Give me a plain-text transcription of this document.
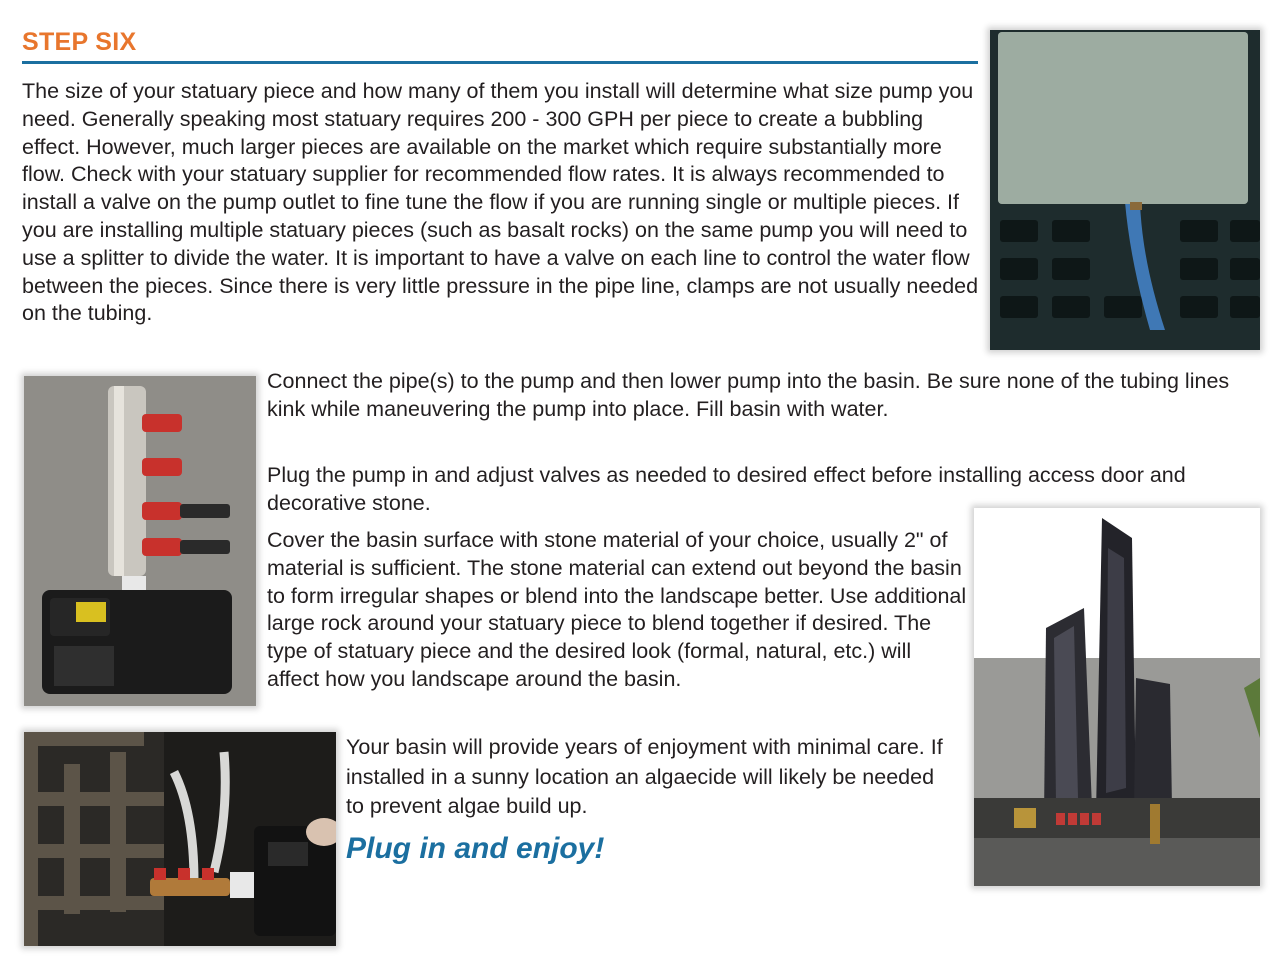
STEP SIX

The size of your statuary piece and how many of them you install will determine what size pump you need. Generally speaking most statuary requires 200 - 300 GPH per piece to create a bubbling effect. However, much larger pieces are available on the market which require substantially more flow. Check with your statuary supplier for recommended flow rates. It is always recommended to install a valve on the pump outlet to fine tune the flow if you are running single or multiple pieces. If you are installing multiple statuary pieces (such as basalt rocks) on the same pump you will need to use a splitter to divide the water. It is important to have a valve on each line to control the water flow between the pieces. Since there is very little pressure in the pipe line, clamps are not usually needed on the tubing.

Connect the pipe(s) to the pump and then lower pump into the basin. Be sure none of the tubing lines kink while maneuvering the pump into place. Fill basin with water.

Plug the pump in and adjust valves as needed to desired effect before installing access door and decorative stone.

Cover the basin surface with stone material of your choice, usually 2" of material is sufficient. The stone material can extend out beyond the basin to form irregular shapes or blend into the landscape better. Use additional large rock around your statuary piece to blend together if desired. The type of statuary piece and the desired look (formal, natural, etc.) will affect how you landscape around the basin.

Your basin will provide years of enjoyment with minimal care. If installed in a sunny location an algaecide will likely be needed to prevent algae build up.

Plug in and enjoy!
